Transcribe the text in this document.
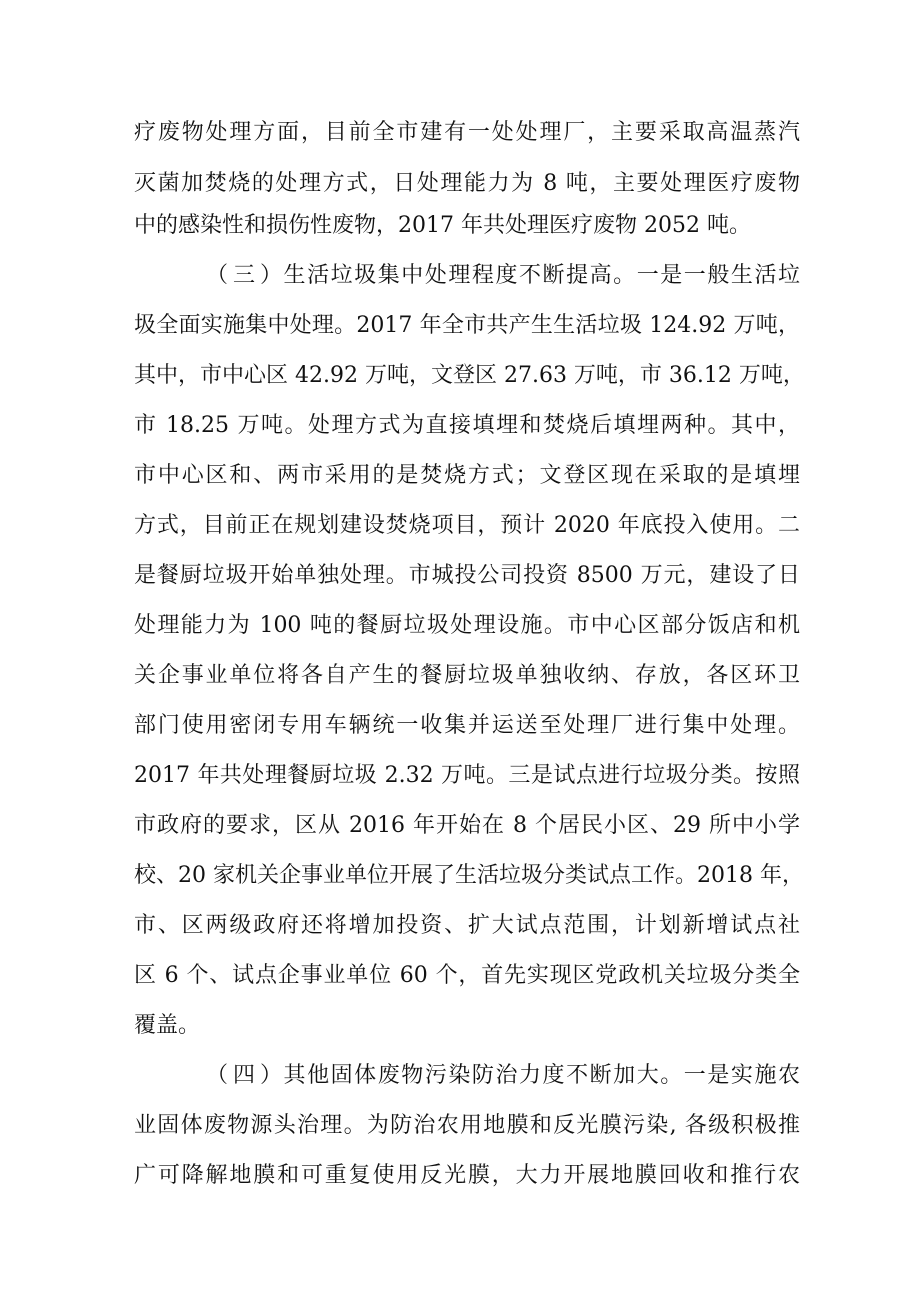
疗废物处理方面，目前全市建有一处处理厂，主要采取高温蒸汽
灭菌加焚烧的处理方式，日处理能力为 8 吨，主要处理医疗废物
中的感染性和损伤性废物，2017 年共处理医疗废物 2052 吨。
（三）生活垃圾集中处理程度不断提高。一是一般生活垃
圾全面实施集中处理。2017 年全市共产生生活垃圾 124.92 万吨，
其中，市中心区 42.92 万吨，文登区 27.63 万吨，市 36.12 万吨，
市 18.25 万吨。处理方式为直接填埋和焚烧后填埋两种。其中，
市中心区和、两市采用的是焚烧方式；文登区现在采取的是填埋
方式，目前正在规划建设焚烧项目，预计 2020 年底投入使用。二
是餐厨垃圾开始单独处理。市城投公司投资 8500 万元，建设了日
处理能力为 100 吨的餐厨垃圾处理设施。市中心区部分饭店和机
关企事业单位将各自产生的餐厨垃圾单独收纳、存放，各区环卫
部门使用密闭专用车辆统一收集并运送至处理厂进行集中处理。
2017 年共处理餐厨垃圾 2.32 万吨。三是试点进行垃圾分类。按照
市政府的要求，区从 2016 年开始在 8 个居民小区、29 所中小学
校、20 家机关企事业单位开展了生活垃圾分类试点工作。2018 年，
市、区两级政府还将增加投资、扩大试点范围，计划新增试点社
区 6 个、试点企事业单位 60 个，首先实现区党政机关垃圾分类全
覆盖。
（四）其他固体废物污染防治力度不断加大。一是实施农
业固体废物源头治理。为防治农用地膜和反光膜污染, 各级积极推
广可降解地膜和可重复使用反光膜，大力开展地膜回收和推行农
